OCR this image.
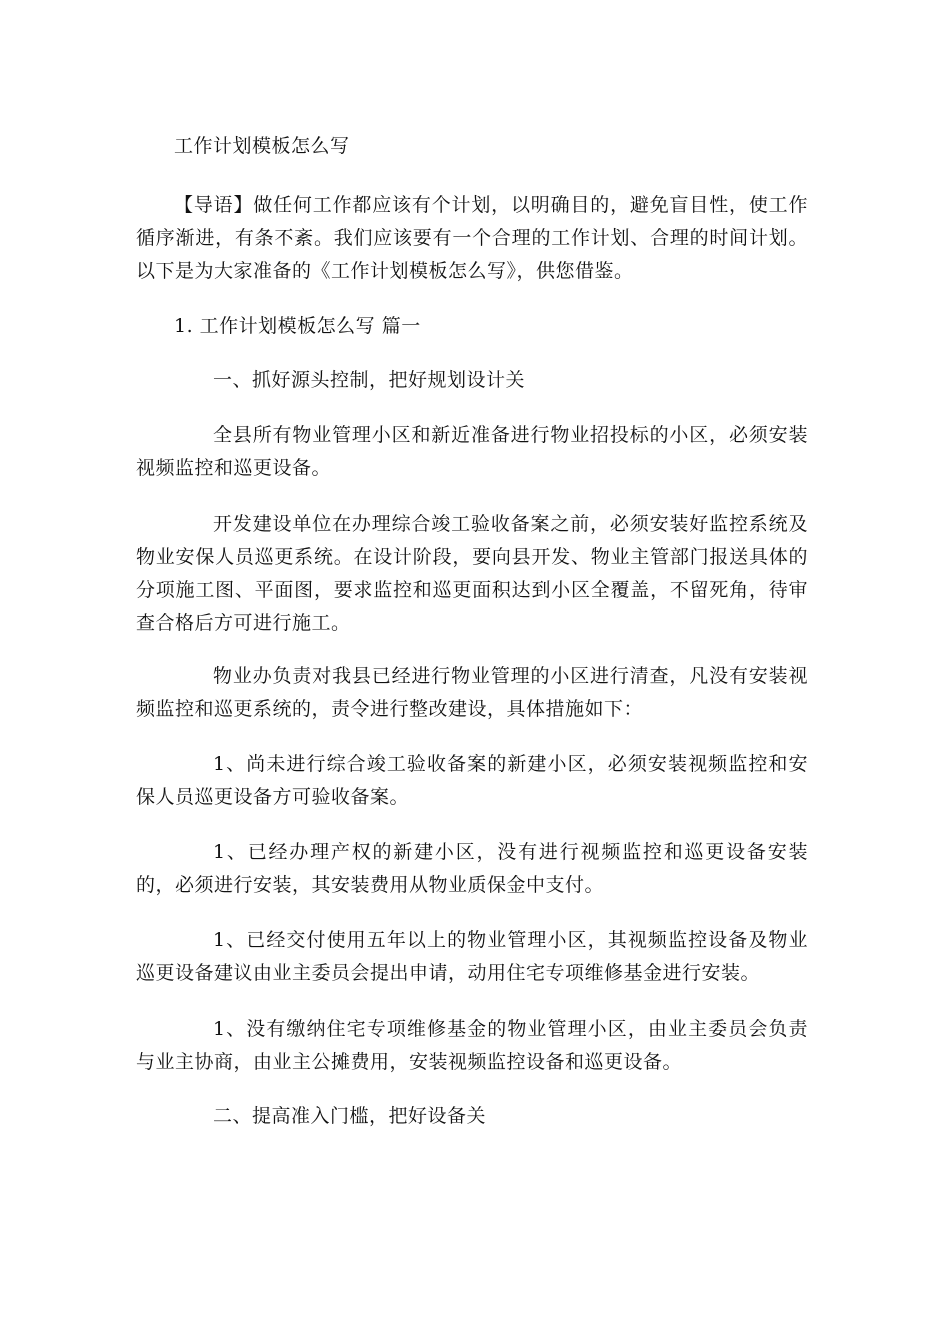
工作计划模板怎么写

【导语】做任何工作都应该有个计划，以明确目的，避免盲目性，使工作循序渐进，有条不紊。我们应该要有一个合理的工作计划、合理的时间计划。以下是为大家准备的《工作计划模板怎么写》，供您借鉴。

1. 工作计划模板怎么写 篇一

一、抓好源头控制，把好规划设计关

全县所有物业管理小区和新近准备进行物业招投标的小区，必须安装视频监控和巡更设备。

开发建设单位在办理综合竣工验收备案之前，必须安装好监控系统及物业安保人员巡更系统。在设计阶段，要向县开发、物业主管部门报送具体的分项施工图、平面图，要求监控和巡更面积达到小区全覆盖，不留死角，待审查合格后方可进行施工。

物业办负责对我县已经进行物业管理的小区进行清查，凡没有安装视频监控和巡更系统的，责令进行整改建设，具体措施如下：

1、尚未进行综合竣工验收备案的新建小区，必须安装视频监控和安保人员巡更设备方可验收备案。

1、已经办理产权的新建小区，没有进行视频监控和巡更设备安装的，必须进行安装，其安装费用从物业质保金中支付。

1、已经交付使用五年以上的物业管理小区，其视频监控设备及物业巡更设备建议由业主委员会提出申请，动用住宅专项维修基金进行安装。

1、没有缴纳住宅专项维修基金的物业管理小区，由业主委员会负责与业主协商，由业主公摊费用，安装视频监控设备和巡更设备。

二、提高准入门槛，把好设备关
